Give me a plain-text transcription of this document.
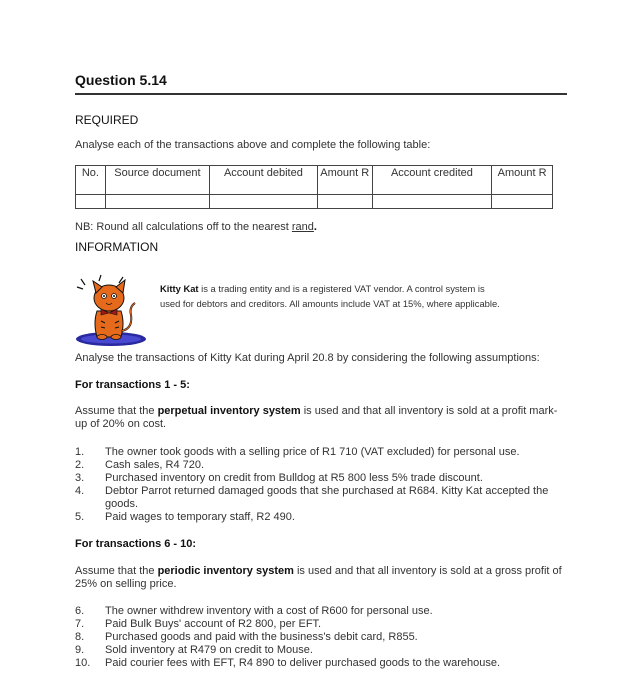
Question 5.14
REQUIRED
Analyse each of the transactions above and complete the following table:
No.	Source document	Account debited	Amount R	Account credited	Amount R

NB: Round all calculations off to the nearest rand.
INFORMATION
Kitty Kat is a trading entity and is a registered VAT vendor. A control system is
used for debtors and creditors. All amounts include VAT at 15%, where applicable.
Analyse the transactions of Kitty Kat during April 20.8 by considering the following assumptions:
For transactions 1 - 5:
Assume that the perpetual inventory system is used and that all inventory is sold at a profit mark-up of 20% on cost.
1. The owner took goods with a selling price of R1 710 (VAT excluded) for personal use.
2. Cash sales, R4 720.
3. Purchased inventory on credit from Bulldog at R5 800 less 5% trade discount.
4. Debtor Parrot returned damaged goods that she purchased at R684. Kitty Kat accepted the goods.
5. Paid wages to temporary staff, R2 490.
For transactions 6 - 10:
Assume that the periodic inventory system is used and that all inventory is sold at a gross profit of 25% on selling price.
6. The owner withdrew inventory with a cost of R600 for personal use.
7. Paid Bulk Buys' account of R2 800, per EFT.
8. Purchased goods and paid with the business's debit card, R855.
9. Sold inventory at R479 on credit to Mouse.
10. Paid courier fees with EFT, R4 890 to deliver purchased goods to the warehouse.
